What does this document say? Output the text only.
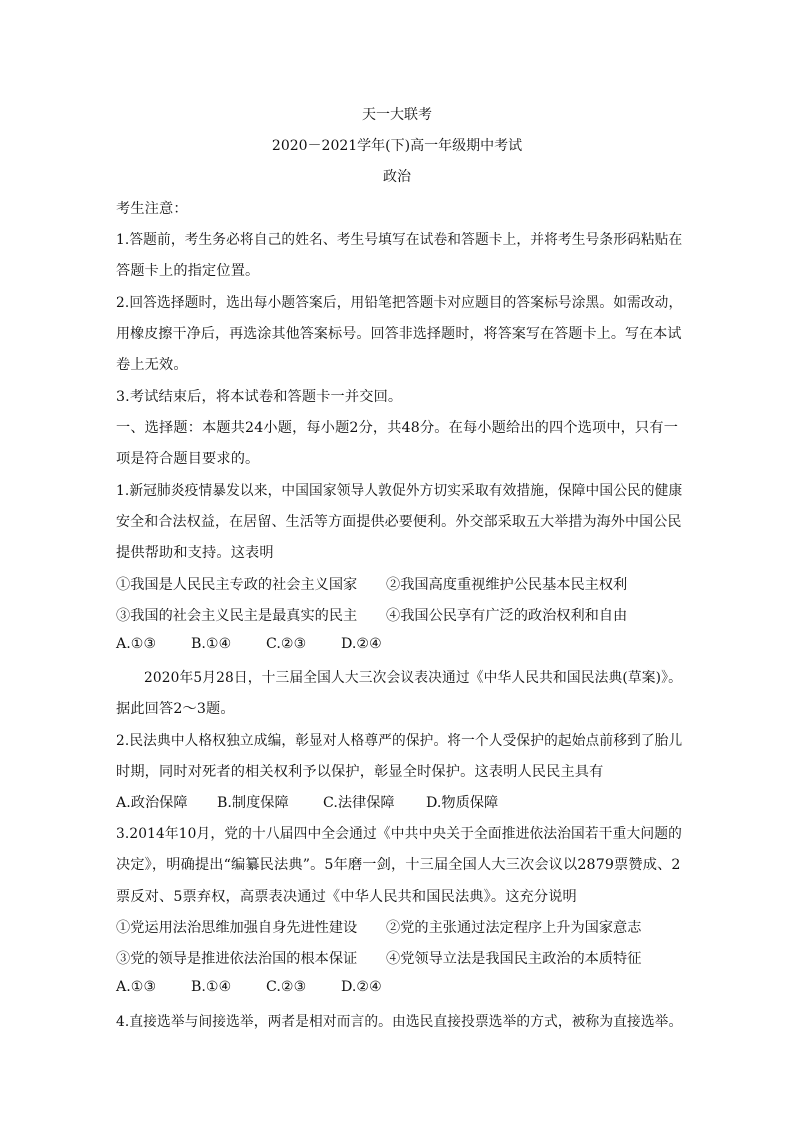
天一大联考
2020－2021学年(下)高一年级期中考试
政治
考生注意：
1.答题前，考生务必将自己的姓名、考生号填写在试卷和答题卡上，并将考生号条形码粘贴在
答题卡上的指定位置。
2.回答选择题时，选出每小题答案后，用铅笔把答题卡对应题目的答案标号涂黑。如需改动，
用橡皮擦干净后，再选涂其他答案标号。回答非选择题时，将答案写在答题卡上。写在本试
卷上无效。
3.考试结束后，将本试卷和答题卡一并交回。
一、选择题：本题共24小题，每小题2分，共48分。在每小题给出的四个选项中，只有一
项是符合题目要求的。
1.新冠肺炎疫情暴发以来，中国国家领导人敦促外方切实采取有效措施，保障中国公民的健康
安全和合法权益，在居留、生活等方面提供必要便利。外交部采取五大举措为海外中国公民
提供帮助和支持。这表明
①我国是人民民主专政的社会主义国家 ②我国高度重视维护公民基本民主权利
③我国的社会主义民主是最真实的民主 ④我国公民享有广泛的政治权利和自由
A.①③ B.①④ C.②③ D.②④
2020年5月28日，十三届全国人大三次会议表决通过《中华人民共和国民法典(草案)》。
据此回答2～3题。
2.民法典中人格权独立成编，彰显对人格尊严的保护。将一个人受保护的起始点前移到了胎儿
时期，同时对死者的相关权利予以保护，彰显全时保护。这表明人民民主具有
A.政治保障 B.制度保障 C.法律保障 D.物质保障
3.2014年10月，党的十八届四中全会通过《中共中央关于全面推进依法治国若干重大问题的
决定》，明确提出“编纂民法典”。5年磨一剑，十三届全国人大三次会议以2879票赞成、2
票反对、5票弃权，高票表决通过《中华人民共和国民法典》。这充分说明
①党运用法治思维加强自身先进性建设 ②党的主张通过法定程序上升为国家意志
③党的领导是推进依法治国的根本保证 ④党领导立法是我国民主政治的本质特征
A.①③ B.①④ C.②③ D.②④
4.直接选举与间接选举，两者是相对而言的。由选民直接投票选举的方式，被称为直接选举。
